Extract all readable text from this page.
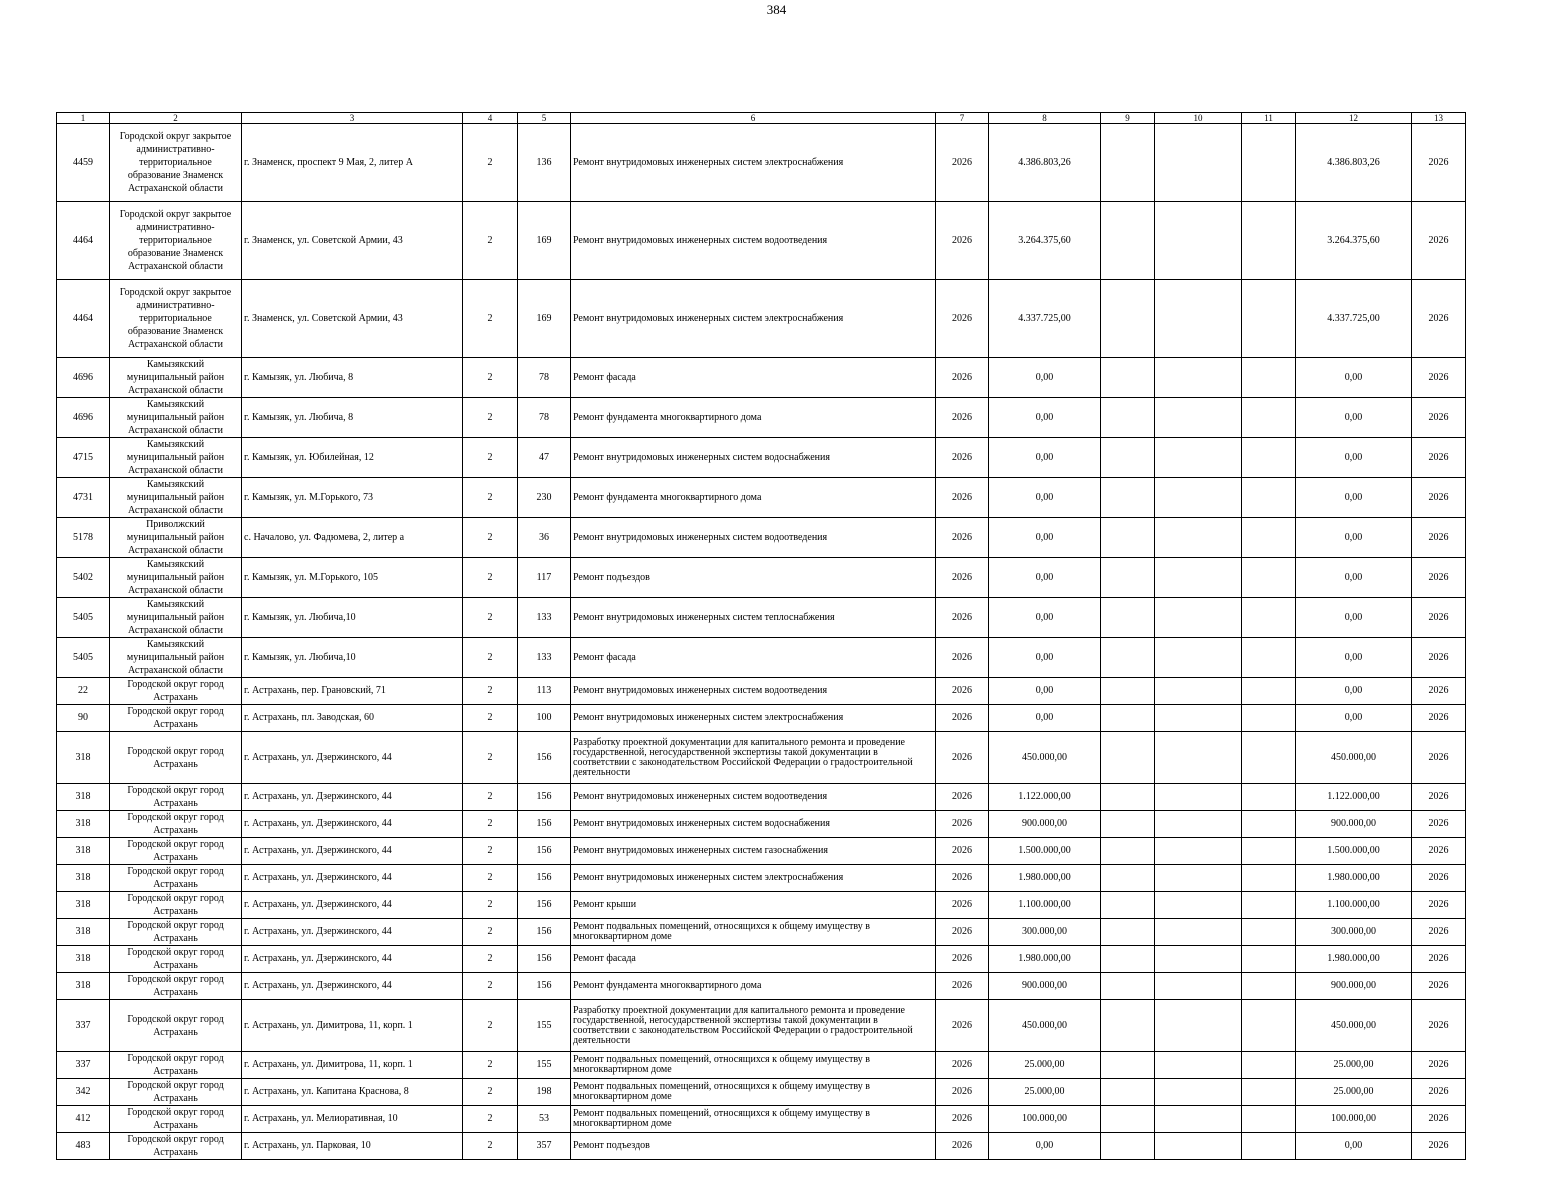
384
1	2	3	4	5	6	7	8	9	10	11	12	13
4459	Городской округ закрытое административно-территориальное образование Знаменск Астраханской области	г. Знаменск, проспект 9 Мая, 2, литер А	2	136	Ремонт внутридомовых инженерных систем электроснабжения	2026	4.386.803,26				4.386.803,26	2026
4464	Городской округ закрытое административно-территориальное образование Знаменск Астраханской области	г. Знаменск, ул. Советской Армии, 43	2	169	Ремонт внутридомовых инженерных систем водоотведения	2026	3.264.375,60				3.264.375,60	2026
4464	Городской округ закрытое административно-территориальное образование Знаменск Астраханской области	г. Знаменск, ул. Советской Армии, 43	2	169	Ремонт внутридомовых инженерных систем электроснабжения	2026	4.337.725,00				4.337.725,00	2026
4696	Камызякский муниципальный район Астраханской области	г. Камызяк, ул. Любича, 8	2	78	Ремонт фасада	2026	0,00				0,00	2026
4696	Камызякский муниципальный район Астраханской области	г. Камызяк, ул. Любича, 8	2	78	Ремонт фундамента многоквартирного дома	2026	0,00				0,00	2026
4715	Камызякский муниципальный район Астраханской области	г. Камызяк, ул. Юбилейная, 12	2	47	Ремонт внутридомовых инженерных систем водоснабжения	2026	0,00				0,00	2026
4731	Камызякский муниципальный район Астраханской области	г. Камызяк, ул. М.Горького, 73	2	230	Ремонт фундамента многоквартирного дома	2026	0,00				0,00	2026
5178	Приволжский муниципальный район Астраханской области	с. Началово, ул. Фадюмева, 2, литер а	2	36	Ремонт внутридомовых инженерных систем водоотведения	2026	0,00				0,00	2026
5402	Камызякский муниципальный район Астраханской области	г. Камызяк, ул. М.Горького, 105	2	117	Ремонт подъездов	2026	0,00				0,00	2026
5405	Камызякский муниципальный район Астраханской области	г. Камызяк, ул. Любича,10	2	133	Ремонт внутридомовых инженерных систем теплоснабжения	2026	0,00				0,00	2026
5405	Камызякский муниципальный район Астраханской области	г. Камызяк, ул. Любича,10	2	133	Ремонт фасада	2026	0,00				0,00	2026
22	Городской округ город Астрахань	г. Астрахань, пер. Грановский, 71	2	113	Ремонт внутридомовых инженерных систем водоотведения	2026	0,00				0,00	2026
90	Городской округ город Астрахань	г. Астрахань, пл. Заводская, 60	2	100	Ремонт внутридомовых инженерных систем электроснабжения	2026	0,00				0,00	2026
318	Городской округ город Астрахань	г. Астрахань, ул. Дзержинского, 44	2	156	Разработку проектной документации для капитального ремонта и проведение государственной, негосударственной экспертизы такой документации в соответствии с законодательством Российской Федерации о градостроительной деятельности	2026	450.000,00				450.000,00	2026
318	Городской округ город Астрахань	г. Астрахань, ул. Дзержинского, 44	2	156	Ремонт внутридомовых инженерных систем водоотведения	2026	1.122.000,00				1.122.000,00	2026
318	Городской округ город Астрахань	г. Астрахань, ул. Дзержинского, 44	2	156	Ремонт внутридомовых инженерных систем водоснабжения	2026	900.000,00				900.000,00	2026
318	Городской округ город Астрахань	г. Астрахань, ул. Дзержинского, 44	2	156	Ремонт внутридомовых инженерных систем газоснабжения	2026	1.500.000,00				1.500.000,00	2026
318	Городской округ город Астрахань	г. Астрахань, ул. Дзержинского, 44	2	156	Ремонт внутридомовых инженерных систем электроснабжения	2026	1.980.000,00				1.980.000,00	2026
318	Городской округ город Астрахань	г. Астрахань, ул. Дзержинского, 44	2	156	Ремонт крыши	2026	1.100.000,00				1.100.000,00	2026
318	Городской округ город Астрахань	г. Астрахань, ул. Дзержинского, 44	2	156	Ремонт подвальных помещений, относящихся к общему имуществу в многоквартирном доме	2026	300.000,00				300.000,00	2026
318	Городской округ город Астрахань	г. Астрахань, ул. Дзержинского, 44	2	156	Ремонт фасада	2026	1.980.000,00				1.980.000,00	2026
318	Городской округ город Астрахань	г. Астрахань, ул. Дзержинского, 44	2	156	Ремонт фундамента многоквартирного дома	2026	900.000,00				900.000,00	2026
337	Городской округ город Астрахань	г. Астрахань, ул. Димитрова, 11, корп. 1	2	155	Разработку проектной документации для капитального ремонта и проведение государственной, негосударственной экспертизы такой документации в соответствии с законодательством Российской Федерации о градостроительной деятельности	2026	450.000,00				450.000,00	2026
337	Городской округ город Астрахань	г. Астрахань, ул. Димитрова, 11, корп. 1	2	155	Ремонт подвальных помещений, относящихся к общему имуществу в многоквартирном доме	2026	25.000,00				25.000,00	2026
342	Городской округ город Астрахань	г. Астрахань, ул. Капитана Краснова, 8	2	198	Ремонт подвальных помещений, относящихся к общему имуществу в многоквартирном доме	2026	25.000,00				25.000,00	2026
412	Городской округ город Астрахань	г. Астрахань, ул. Мелиоративная, 10	2	53	Ремонт подвальных помещений, относящихся к общему имуществу в многоквартирном доме	2026	100.000,00				100.000,00	2026
483	Городской округ город Астрахань	г. Астрахань, ул. Парковая, 10	2	357	Ремонт подъездов	2026	0,00				0,00	2026
